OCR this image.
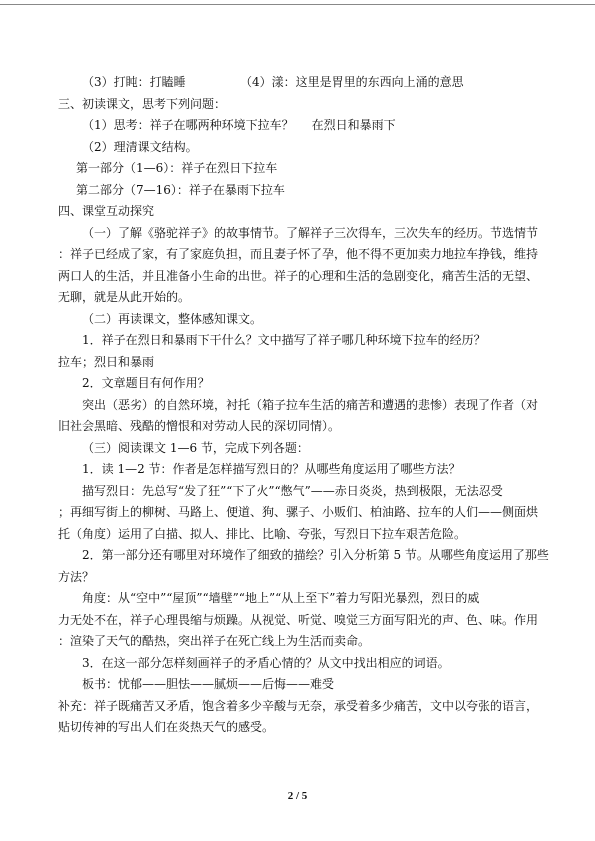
（3）打盹：打瞌睡	（4）漾：这里是胃里的东西向上涌的意思
三、初读课文，思考下列问题：
（1）思考：祥子在哪两种环境下拉车？ 在烈日和暴雨下
（2）理清课文结构。
第一部分（1—6）：祥子在烈日下拉车
第二部分（7—16）：祥子在暴雨下拉车
四、课堂互动探究
（一）了解《骆驼祥子》的故事情节。了解祥子三次得车，三次失车的经历。节选情节
：祥子已经成了家，有了家庭负担，而且妻子怀了孕，他不得不更加卖力地拉车挣钱，维持
两口人的生活，并且准备小生命的出世。祥子的心理和生活的急剧变化，痛苦生活的无望、
无聊，就是从此开始的。
（二）再读课文，整体感知课文。
1．祥子在烈日和暴雨下干什么？文中描写了祥子哪几种环境下拉车的经历？
拉车；烈日和暴雨
2．文章题目有何作用？
突出（恶劣）的自然环境，衬托（箱子拉车生活的痛苦和遭遇的悲惨）表现了作者（对
旧社会黑暗、残酷的憎恨和对劳动人民的深切同情）。
（三）阅读课文 1—6 节，完成下列各题：
1．读 1—2 节：作者是怎样描写烈日的？从哪些角度运用了哪些方法？
描写烈日：先总写“发了狂”“下了火”“憋气”——赤日炎炎，热到极限，无法忍受
；再细写街上的柳树、马路上、便道、狗、骡子、小贩们、柏油路、拉车的人们——侧面烘
托（角度）运用了白描、拟人、排比、比喻、夸张，写烈日下拉车艰苦危险。
2．第一部分还有哪里对环境作了细致的描绘？引入分析第 5 节。从哪些角度运用了那些
方法？
角度：从“空中”“屋顶”“墙壁”“地上”“从上至下”着力写阳光暴烈，烈日的威
力无处不在，祥子心理畏缩与烦躁。从视觉、听觉、嗅觉三方面写阳光的声、色、味。作用
：渲染了天气的酷热，突出祥子在死亡线上为生活而卖命。
3．在这一部分怎样刻画祥子的矛盾心情的？从文中找出相应的词语。
板书：忧郁——胆怯——腻烦——后悔——难受
补充：祥子既痛苦又矛盾，饱含着多少辛酸与无奈，承受着多少痛苦，文中以夸张的语言，
贴切传神的写出人们在炎热天气的感受。
2 / 5
